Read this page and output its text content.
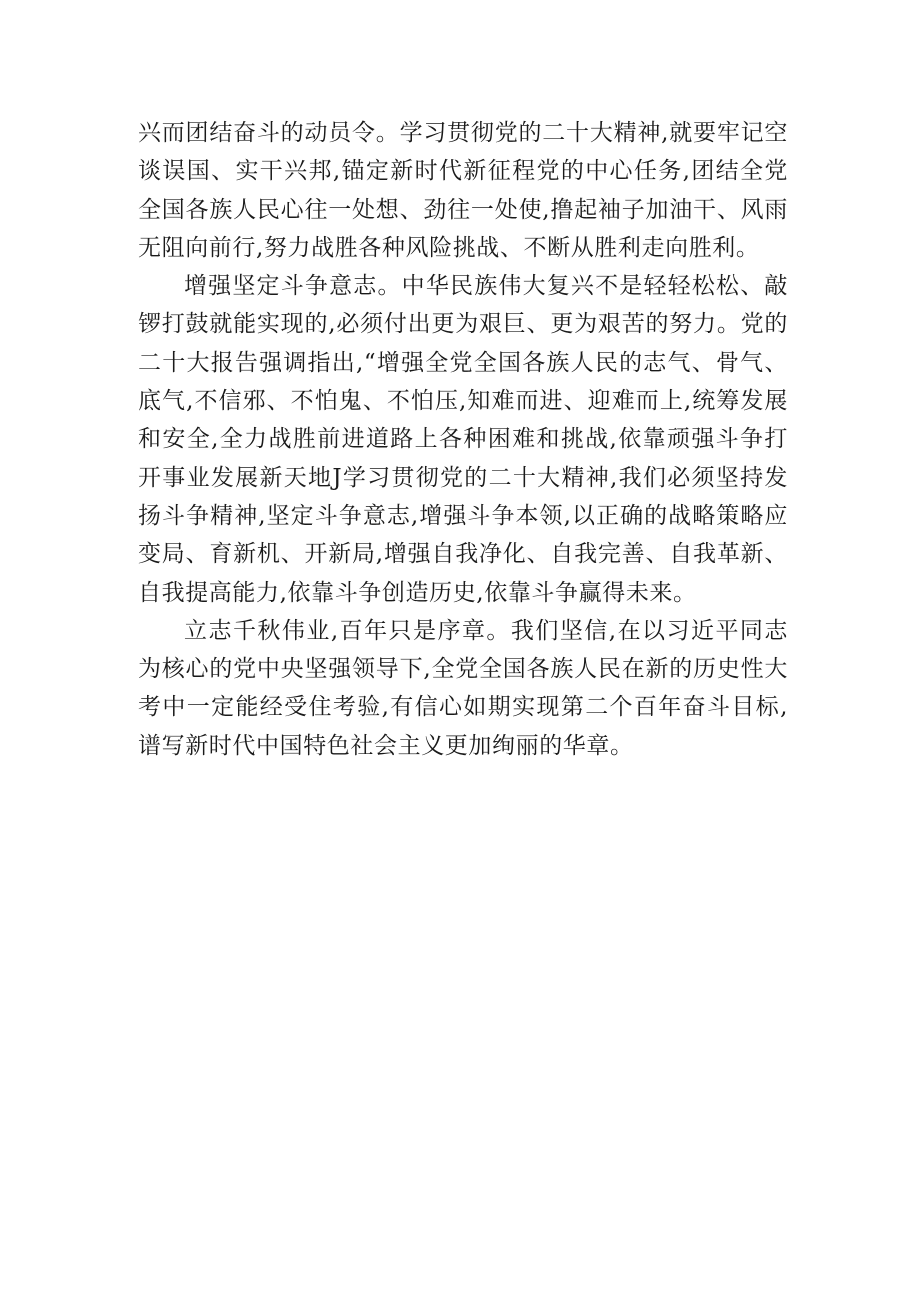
兴而团结奋斗的动员令。学习贯彻党的二十大精神,就要牢记空谈误国、实干兴邦,锚定新时代新征程党的中心任务,团结全党全国各族人民心往一处想、劲往一处使,撸起袖子加油干、风雨无阻向前行,努力战胜各种风险挑战、不断从胜利走向胜利。

增强坚定斗争意志。中华民族伟大复兴不是轻轻松松、敲锣打鼓就能实现的,必须付出更为艰巨、更为艰苦的努力。党的二十大报告强调指出,“增强全党全国各族人民的志气、骨气、底气,不信邪、不怕鬼、不怕压,知难而进、迎难而上,统筹发展和安全,全力战胜前进道路上各种困难和挑战,依靠顽强斗争打开事业发展新天地J学习贯彻党的二十大精神,我们必须坚持发扬斗争精神,坚定斗争意志,增强斗争本领,以正确的战略策略应变局、育新机、开新局,增强自我净化、自我完善、自我革新、自我提高能力,依靠斗争创造历史,依靠斗争赢得未来。

立志千秋伟业,百年只是序章。我们坚信,在以习近平同志为核心的党中央坚强领导下,全党全国各族人民在新的历史性大考中一定能经受住考验,有信心如期实现第二个百年奋斗目标,谱写新时代中国特色社会主义更加绚丽的华章。
